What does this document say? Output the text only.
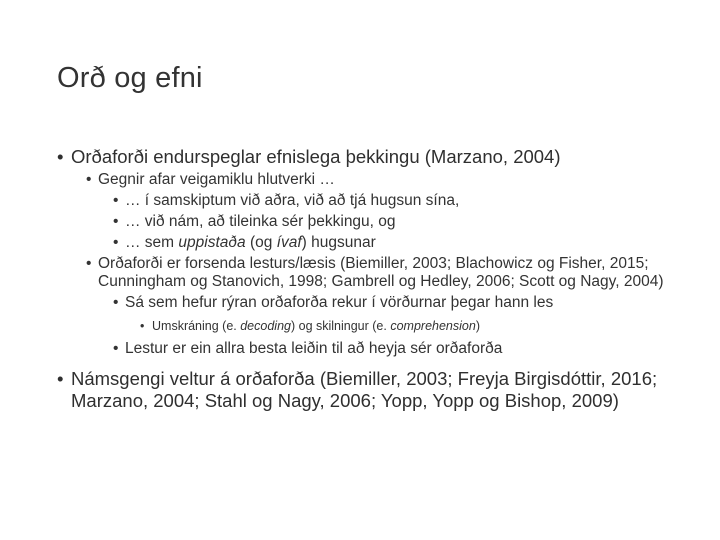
Orð og efni
• Orðaforði endurspeglar efnislega þekkingu (Marzano, 2004)
• Gegnir afar veigamiklu hlutverki …
• … í samskiptum við aðra, við að tjá hugsun sína,
• … við nám, að tileinka sér þekkingu, og
• … sem uppistaða (og ívaf) hugsunar
• Orðaforði er forsenda lesturs/læsis (Biemiller, 2003; Blachowicz og Fisher, 2015; Cunningham og Stanovich, 1998; Gambrell og Hedley, 2006; Scott og Nagy, 2004)
• Sá sem hefur rýran orðaforða rekur í vörðurnar þegar hann les
• Umskráning (e. decoding) og skilningur (e. comprehension)
• Lestur er ein allra besta leiðin til að heyja sér orðaforða
• Námsgengi veltur á orðaforða (Biemiller, 2003; Freyja Birgisdóttir, 2016; Marzano, 2004; Stahl og Nagy, 2006; Yopp, Yopp og Bishop, 2009)
